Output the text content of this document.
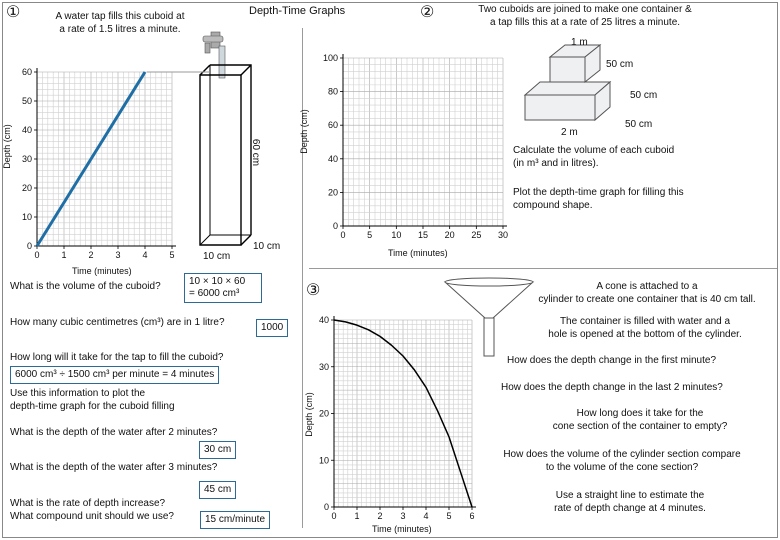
Depth-Time Graphs
①	A water tap fills this cuboid at
a rate of 1.5 litres a minute.
②	Two cuboids are joined to make one container &
a tap fills this at a rate of 25 litres a minute.
③
0 1 2 3 4 5
0
10
20
30
40
50
60
0 5 10 15 20 25 30
0
20
40
60
80
100
0 1 2 3 4 5 6
0
10
20
30
40
Time (minutes)
Depth (cm)	60 cm
10 cm
10 cm
Time (minutes)
Depth (cm)
1 m
50 cm
50 cm
2 m
50 cm
Calculate the volume of each cuboid
(in m³ and in litres).
Plot the depth-time graph for filling this
compound shape.
Time (minutes)
Depth (cm)
What is the volume of the cuboid?	10 × 10 × 60
= 6000 cm³
How many cubic centimetres (cm³) are in 1 litre?	1000
How long will it take for the tap to fill the cuboid?
6000 cm³ ÷ 1500 cm³ per minute = 4 minutes
Use this information to plot the
depth-time graph for the cuboid filling
What is the depth of the water after 2 minutes?
30 cm
What is the depth of the water after 3 minutes?
45 cm
What is the rate of depth increase?
What compound unit should we use?	15 cm/minute
A cone is attached to a
cylinder to create one container that is 40 cm tall.
The container is filled with water and a
hole is opened at the bottom of the cylinder.
How does the depth change in the first minute?
How does the depth change in the last 2 minutes?
How long does it take for the
cone section of the container to empty?
How does the volume of the cylinder section compare
to the volume of the cone section?
Use a straight line to estimate the
rate of depth change at 4 minutes.
